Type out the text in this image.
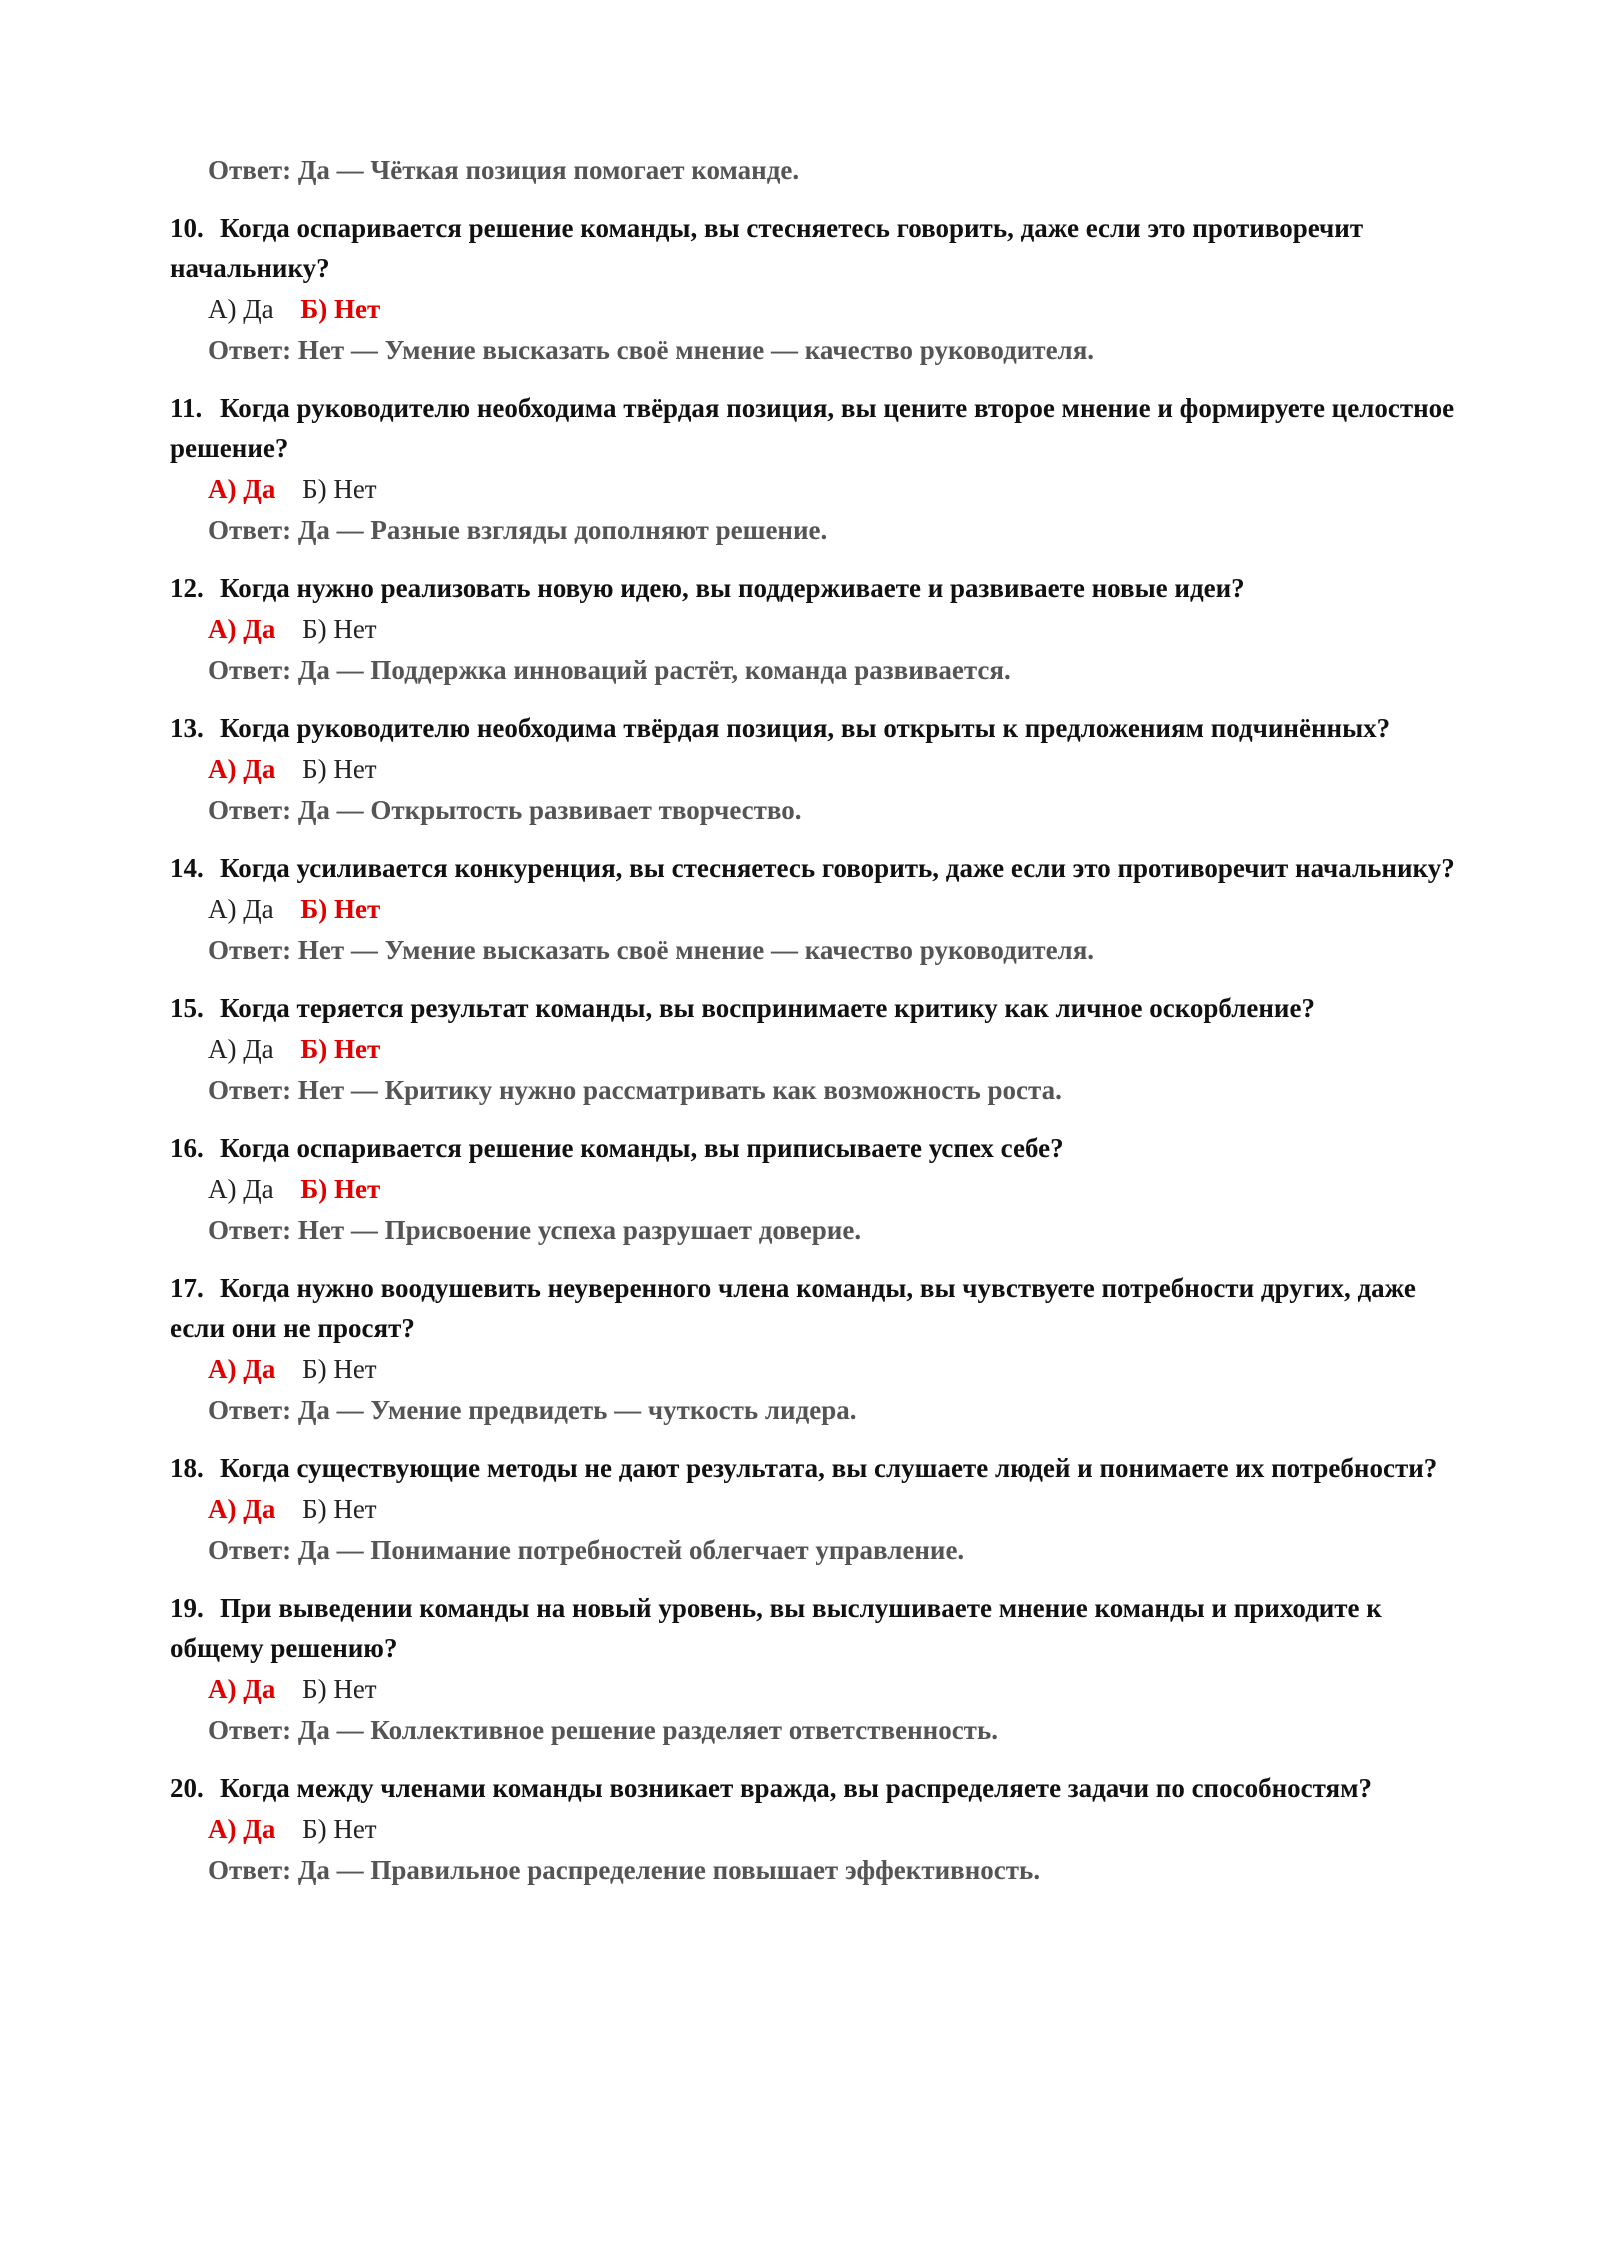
Ответ: Да — Чёткая позиция помогает команде.
10. Когда оспаривается решение команды, вы стесняетесь говорить, даже если это противоречит начальнику?
А) Да Б) Нет
Ответ: Нет — Умение высказать своё мнение — качество руководителя.
11. Когда руководителю необходима твёрдая позиция, вы цените второе мнение и формируете целостное решение?
А) Да Б) Нет
Ответ: Да — Разные взгляды дополняют решение.
12. Когда нужно реализовать новую идею, вы поддерживаете и развиваете новые идеи?
А) Да Б) Нет
Ответ: Да — Поддержка инноваций растёт, команда развивается.
13. Когда руководителю необходима твёрдая позиция, вы открыты к предложениям подчинённых?
А) Да Б) Нет
Ответ: Да — Открытость развивает творчество.
14. Когда усиливается конкуренция, вы стесняетесь говорить, даже если это противоречит начальнику?
А) Да Б) Нет
Ответ: Нет — Умение высказать своё мнение — качество руководителя.
15. Когда теряется результат команды, вы воспринимаете критику как личное оскорбление?
А) Да Б) Нет
Ответ: Нет — Критику нужно рассматривать как возможность роста.
16. Когда оспаривается решение команды, вы приписываете успех себе?
А) Да Б) Нет
Ответ: Нет — Присвоение успеха разрушает доверие.
17. Когда нужно воодушевить неуверенного члена команды, вы чувствуете потребности других, даже если они не просят?
А) Да Б) Нет
Ответ: Да — Умение предвидеть — чуткость лидера.
18. Когда существующие методы не дают результата, вы слушаете людей и понимаете их потребности?
А) Да Б) Нет
Ответ: Да — Понимание потребностей облегчает управление.
19. При выведении команды на новый уровень, вы выслушиваете мнение команды и приходите к общему решению?
А) Да Б) Нет
Ответ: Да — Коллективное решение разделяет ответственность.
20. Когда между членами команды возникает вражда, вы распределяете задачи по способностям?
А) Да Б) Нет
Ответ: Да — Правильное распределение повышает эффективность.
